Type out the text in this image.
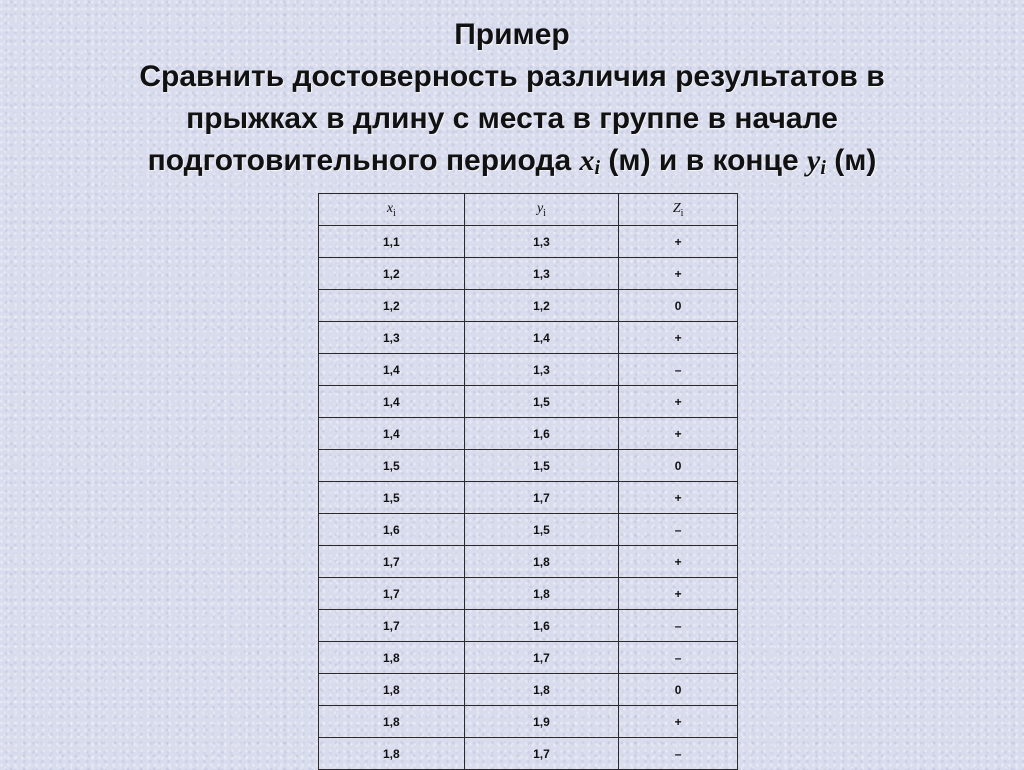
Пример
Сравнить достоверность различия результатов в
прыжках в длину с места в группе в начале
подготовительного периода $x_i$ (м) и в конце $y_i$ (м)
$x_i$	$y_i$	$Z_i$
1,1	1,3	+
1,2	1,3	+
1,2	1,2	0
1,3	1,4	+
1,4	1,3	–
1,4	1,5	+
1,4	1,6	+
1,5	1,5	0
1,5	1,7	+
1,6	1,5	–
1,7	1,8	+
1,7	1,8	+
1,7	1,6	–
1,8	1,7	–
1,8	1,8	0
1,8	1,9	+
1,8	1,7	–
